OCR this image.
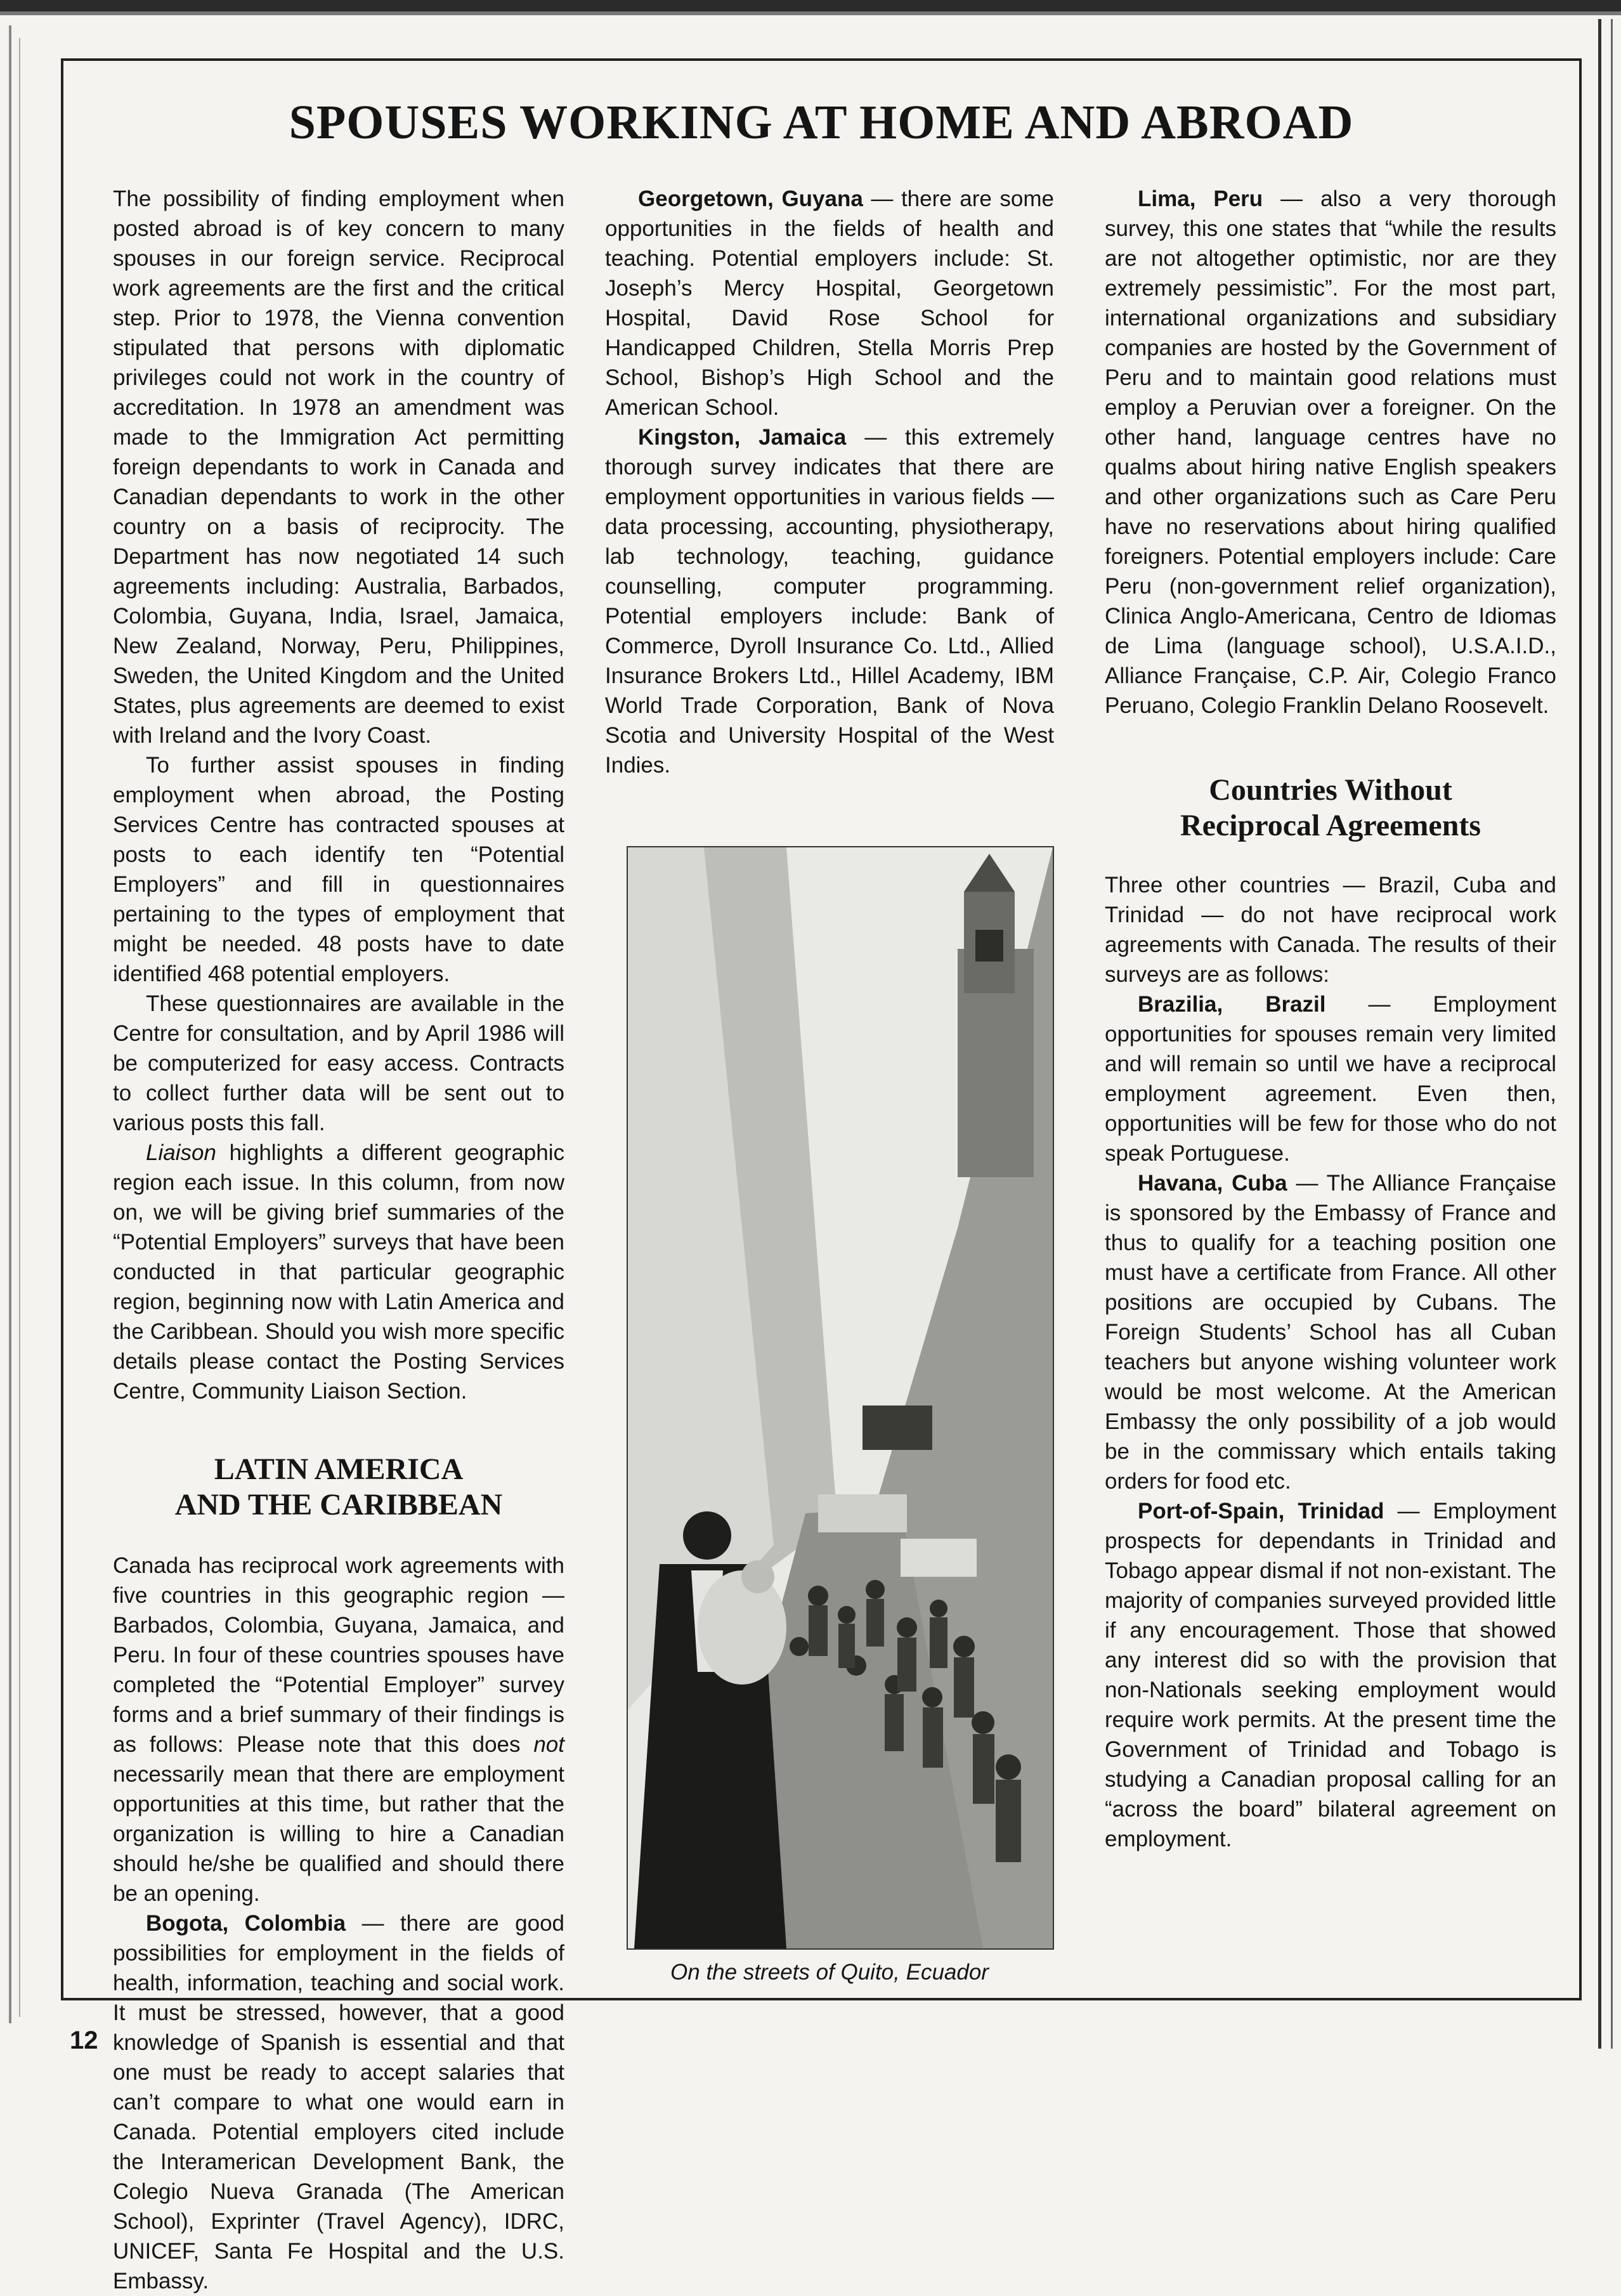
SPOUSES WORKING AT HOME AND ABROAD

The possibility of finding employment when posted abroad is of key concern to many spouses in our foreign service. Reciprocal work agreements are the first and the critical step. Prior to 1978, the Vienna convention stipulated that persons with diplomatic privileges could not work in the country of accreditation. In 1978 an amendment was made to the Immigration Act permitting foreign dependants to work in Canada and Canadian dependants to work in the other country on a basis of reciprocity. The Department has now negotiated 14 such agreements including: Australia, Barbados, Colombia, Guyana, India, Israel, Jamaica, New Zealand, Norway, Peru, Philippines, Sweden, the United Kingdom and the United States, plus agreements are deemed to exist with Ireland and the Ivory Coast.

To further assist spouses in finding employment when abroad, the Posting Services Centre has contracted spouses at posts to each identify ten “Potential Employers” and fill in questionnaires pertaining to the types of employment that might be needed. 48 posts have to date identified 468 potential employers.

These questionnaires are available in the Centre for consultation, and by April 1986 will be computerized for easy access. Contracts to collect further data will be sent out to various posts this fall.

Liaison highlights a different geographic region each issue. In this column, from now on, we will be giving brief summaries of the “Potential Employers” surveys that have been conducted in that particular geographic region, beginning now with Latin America and the Caribbean. Should you wish more specific details please contact the Posting Services Centre, Community Liaison Section.

LATIN AMERICA
AND THE CARIBBEAN

Canada has reciprocal work agreements with five countries in this geographic region — Barbados, Colombia, Guyana, Jamaica, and Peru. In four of these countries spouses have completed the “Potential Employer” survey forms and a brief summary of their findings is as follows: Please note that this does not necessarily mean that there are employment opportunities at this time, but rather that the organization is willing to hire a Canadian should he/she be qualified and should there be an opening.

Bogota, Colombia — there are good possibilities for employment in the fields of health, information, teaching and social work. It must be stressed, however, that a good knowledge of Spanish is essential and that one must be ready to accept salaries that can’t compare to what one would earn in Canada. Potential employers cited include the Interamerican Development Bank, the Colegio Nueva Granada (The American School), Exprinter (Travel Agency), IDRC, UNICEF, Santa Fe Hospital and the U.S. Embassy.

Georgetown, Guyana — there are some opportunities in the fields of health and teaching. Potential employers include: St. Joseph’s Mercy Hospital, Georgetown Hospital, David Rose School for Handicapped Children, Stella Morris Prep School, Bishop’s High School and the American School.

Kingston, Jamaica — this extremely thorough survey indicates that there are employment opportunities in various fields — data processing, accounting, physiotherapy, lab technology, teaching, guidance counselling, computer programming. Potential employers include: Bank of Commerce, Dyroll Insurance Co. Ltd., Allied Insurance Brokers Ltd., Hillel Academy, IBM World Trade Corporation, Bank of Nova Scotia and University Hospital of the West Indies.

On the streets of Quito, Ecuador

Lima, Peru — also a very thorough survey, this one states that “while the results are not altogether optimistic, nor are they extremely pessimistic”. For the most part, international organizations and subsidiary companies are hosted by the Government of Peru and to maintain good relations must employ a Peruvian over a foreigner. On the other hand, language centres have no qualms about hiring native English speakers and other organizations such as Care Peru have no reservations about hiring qualified foreigners. Potential employers include: Care Peru (non-government relief organization), Clinica Anglo-Americana, Centro de Idiomas de Lima (language school), U.S.A.I.D., Alliance Française, C.P. Air, Colegio Franco Peruano, Colegio Franklin Delano Roosevelt.

Countries Without
Reciprocal Agreements

Three other countries — Brazil, Cuba and Trinidad — do not have reciprocal work agreements with Canada. The results of their surveys are as follows:

Brazilia, Brazil — Employment opportunities for spouses remain very limited and will remain so until we have a reciprocal employment agreement. Even then, opportunities will be few for those who do not speak Portuguese.

Havana, Cuba — The Alliance Française is sponsored by the Embassy of France and thus to qualify for a teaching position one must have a certificate from France. All other positions are occupied by Cubans. The Foreign Students’ School has all Cuban teachers but anyone wishing volunteer work would be most welcome. At the American Embassy the only possibility of a job would be in the commissary which entails taking orders for food etc.

Port-of-Spain, Trinidad — Employment prospects for dependants in Trinidad and Tobago appear dismal if not non-existant. The majority of companies surveyed provided little if any encouragement. Those that showed any interest did so with the provision that non-Nationals seeking employment would require work permits. At the present time the Government of Trinidad and Tobago is studying a Canadian proposal calling for an “across the board” bilateral agreement on employment.

12
